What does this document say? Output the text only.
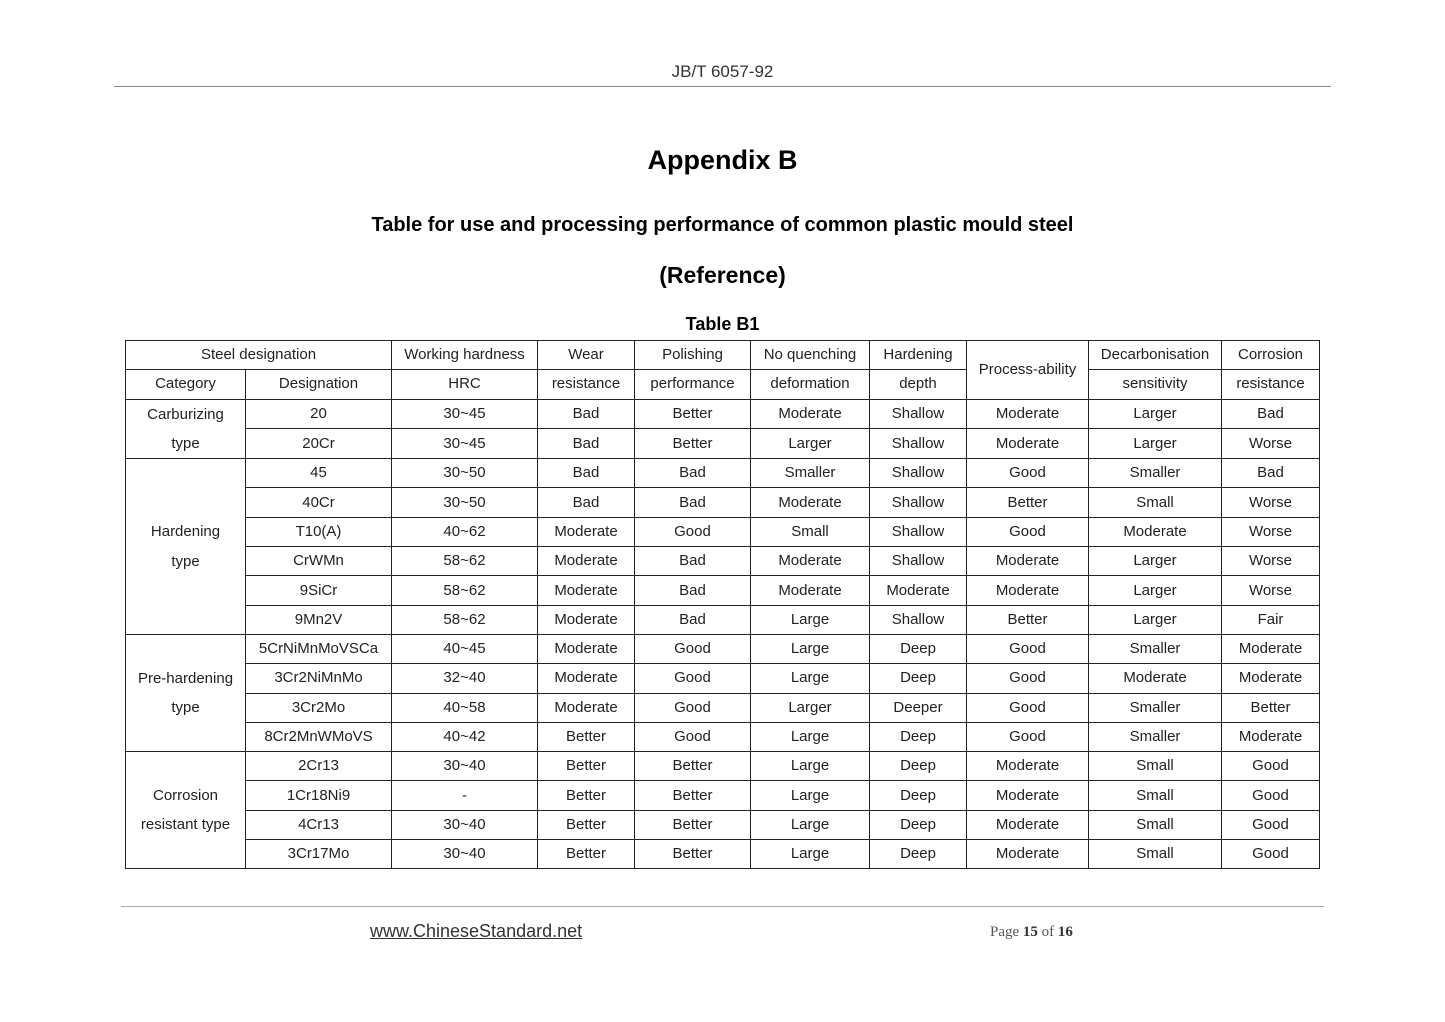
JB/T 6057-92
Appendix B
Table for use and processing performance of common plastic mould steel
(Reference)
Table B1
Steel designation		Working hardness	Wear	Polishing	No quenching	Hardening	Process-ability	Decarbonisation	Corrosion
Category	Designation	HRC	resistance	performance	deformation	depth		sensitivity	resistance

Carburizing
type	20	30~45	Bad	Better	Moderate	Shallow	Moderate	Larger	Bad
	20Cr	30~45	Bad	Better	Larger	Shallow	Moderate	Larger	Worse

Hardening
type	45	30~50	Bad	Bad	Smaller	Shallow	Good	Smaller	Bad
	40Cr	30~50	Bad	Bad	Moderate	Shallow	Better	Small	Worse
	T10(A)	40~62	Moderate	Good	Small	Shallow	Good	Moderate	Worse
	CrWMn	58~62	Moderate	Bad	Moderate	Shallow	Moderate	Larger	Worse
	9SiCr	58~62	Moderate	Bad	Moderate	Moderate	Moderate	Larger	Worse
	9Mn2V	58~62	Moderate	Bad	Large	Shallow	Better	Larger	Fair

Pre-hardening
type	5CrNiMnMoVSCa	40~45	Moderate	Good	Large	Deep	Good	Smaller	Moderate
	3Cr2NiMnMo	32~40	Moderate	Good	Large	Deep	Good	Moderate	Moderate
	3Cr2Mo	40~58	Moderate	Good	Larger	Deeper	Good	Smaller	Better
	8Cr2MnWMoVS	40~42	Better	Good	Large	Deep	Good	Smaller	Moderate

Corrosion
resistant type	2Cr13	30~40	Better	Better	Large	Deep	Moderate	Small	Good
	1Cr18Ni9	-	Better	Better	Large	Deep	Moderate	Small	Good
	4Cr13	30~40	Better	Better	Large	Deep	Moderate	Small	Good
	3Cr17Mo	30~40	Better	Better	Large	Deep	Moderate	Small	Good
www.ChineseStandard.net	Page 15 of 16
